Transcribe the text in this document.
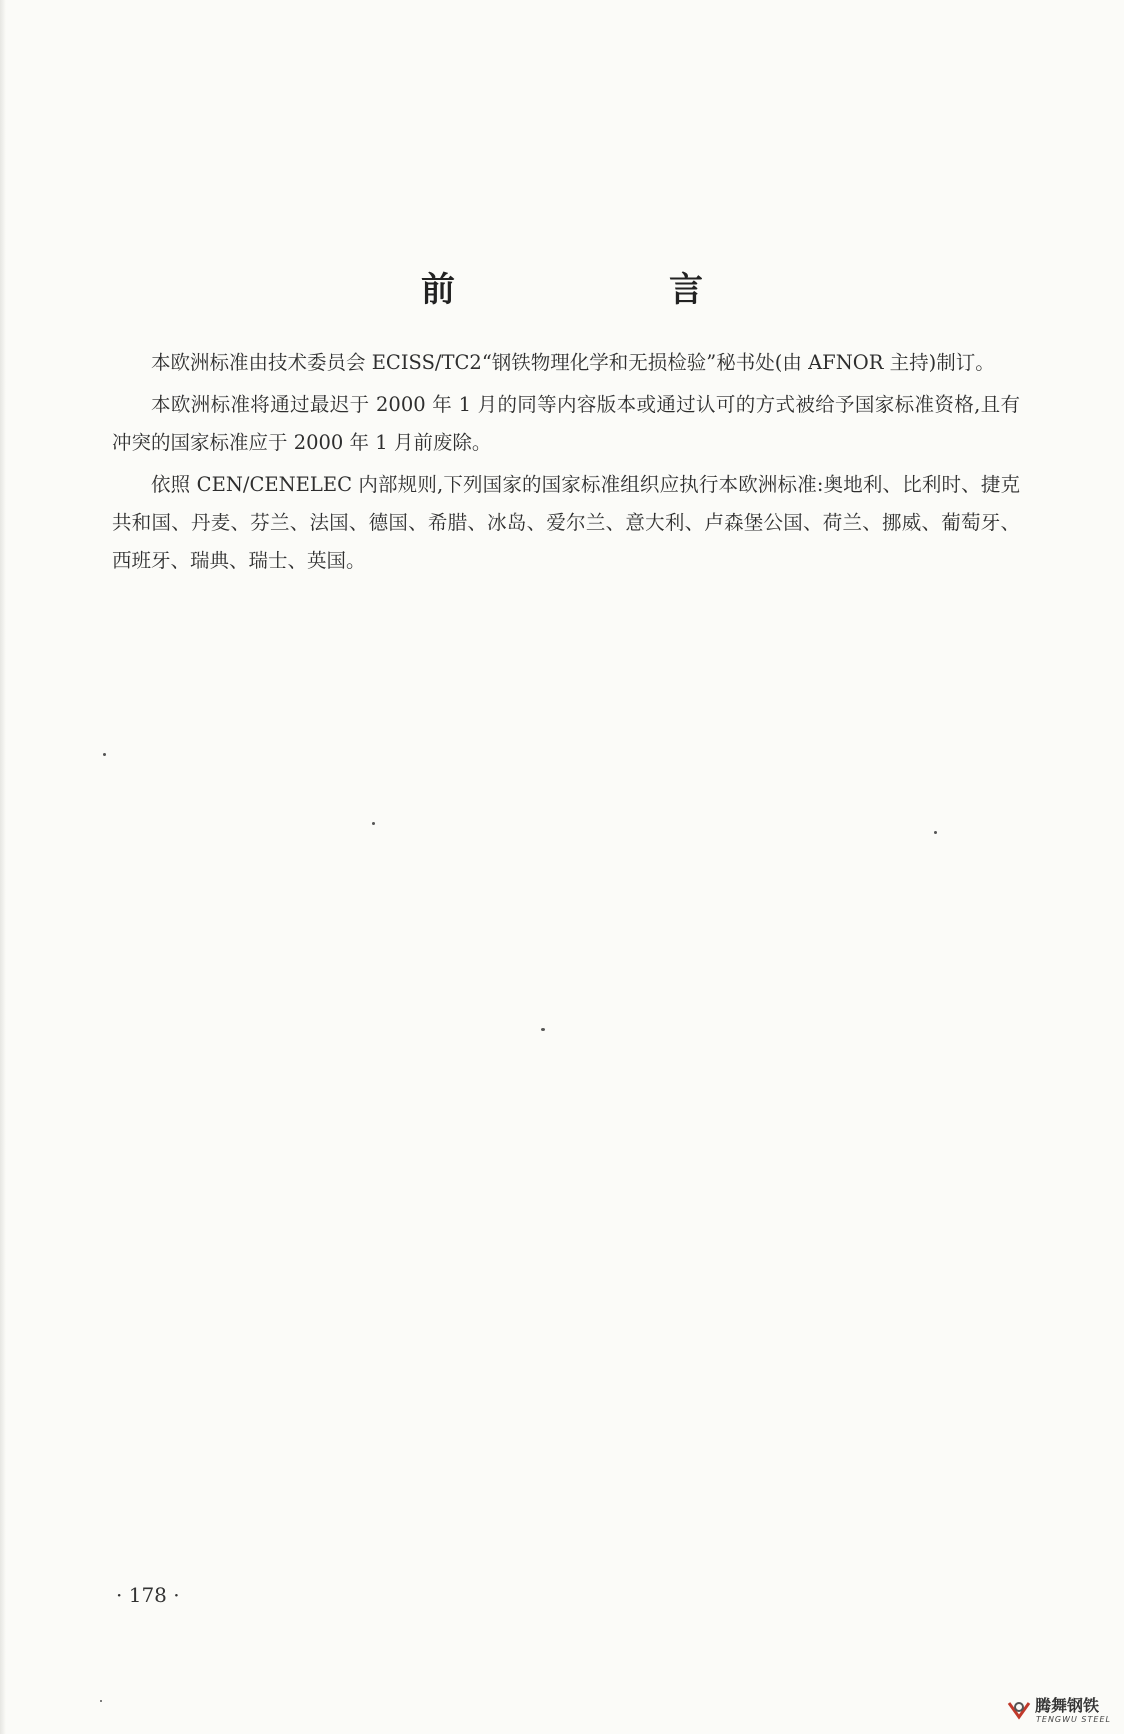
前　言

本欧洲标准由技术委员会 ECISS/TC2“钢铁物理化学和无损检验”秘书处(由 AFNOR 主持)制订。

本欧洲标准将通过最迟于 2000 年 1 月的同等内容版本或通过认可的方式被给予国家标准资格,且有冲突的国家标准应于 2000 年 1 月前废除。

依照 CEN/CENELEC 内部规则,下列国家的国家标准组织应执行本欧洲标准:奥地利、比利时、捷克共和国、丹麦、芬兰、法国、德国、希腊、冰岛、爱尔兰、意大利、卢森堡公国、荷兰、挪威、葡萄牙、西班牙、瑞典、瑞士、英国。

· 178 ·
腾舞钢铁
TENGWU STEEL
